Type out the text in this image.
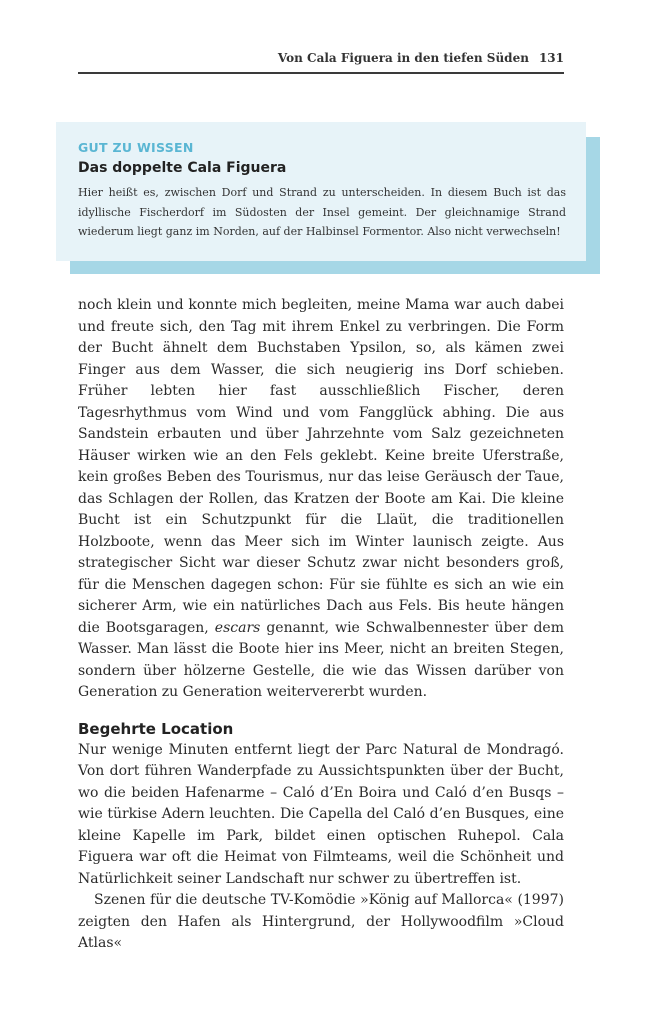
Von Cala Figuera in den tiefen Süden 131
GUT ZU WISSEN
Das doppelte Cala Figuera
Hier heißt es, zwischen Dorf und Strand zu unterscheiden. In diesem Buch ist das idyllische Fischerdorf im Südosten der Insel gemeint. Der gleichnamige Strand wiederum liegt ganz im Norden, auf der Halbinsel Formentor. Also nicht verwechseln!

noch klein und konnte mich begleiten, meine Mama war auch dabei und freute sich, den Tag mit ihrem Enkel zu verbringen. Die Form der Bucht ähnelt dem Buchstaben Ypsilon, so, als kämen zwei Finger aus dem Wasser, die sich neugierig ins Dorf schieben. Früher lebten hier fast ausschließlich Fischer, deren Tagesrhythmus vom Wind und vom Fangglück abhing. Die aus Sandstein erbauten und über Jahrzehnte vom Salz gezeichneten Häuser wirken wie an den Fels geklebt. Keine breite Uferstraße, kein großes Beben des Tourismus, nur das leise Geräusch der Taue, das Schlagen der Rollen, das Kratzen der Boote am Kai. Die kleine Bucht ist ein Schutzpunkt für die Llaüt, die traditionellen Holzboote, wenn das Meer sich im Winter launisch zeigte. Aus strategischer Sicht war dieser Schutz zwar nicht besonders groß, für die Menschen dagegen schon: Für sie fühlte es sich an wie ein sicherer Arm, wie ein natürliches Dach aus Fels. Bis heute hängen die Bootsgaragen, escars genannt, wie Schwalbennester über dem Wasser. Man lässt die Boote hier ins Meer, nicht an breiten Stegen, sondern über hölzerne Gestelle, die wie das Wissen darüber von Generation zu Generation weitervererbt wurden.

Begehrte Location

Nur wenige Minuten entfernt liegt der Parc Natural de Mondragó. Von dort führen Wanderpfade zu Aussichtspunkten über der Bucht, wo die beiden Hafenarme – Caló d’En Boira und Caló d’en Busqs – wie türkise Adern leuchten. Die Capella del Caló d’en Busques, eine kleine Kapelle im Park, bildet einen optischen Ruhepol. Cala Figuera war oft die Heimat von Filmteams, weil die Schönheit und Natürlichkeit seiner Landschaft nur schwer zu übertreffen ist.

Szenen für die deutsche TV-Komödie »König auf Mallorca« (1997) zeigten den Hafen als Hintergrund, der Hollywoodfilm »Cloud Atlas«
